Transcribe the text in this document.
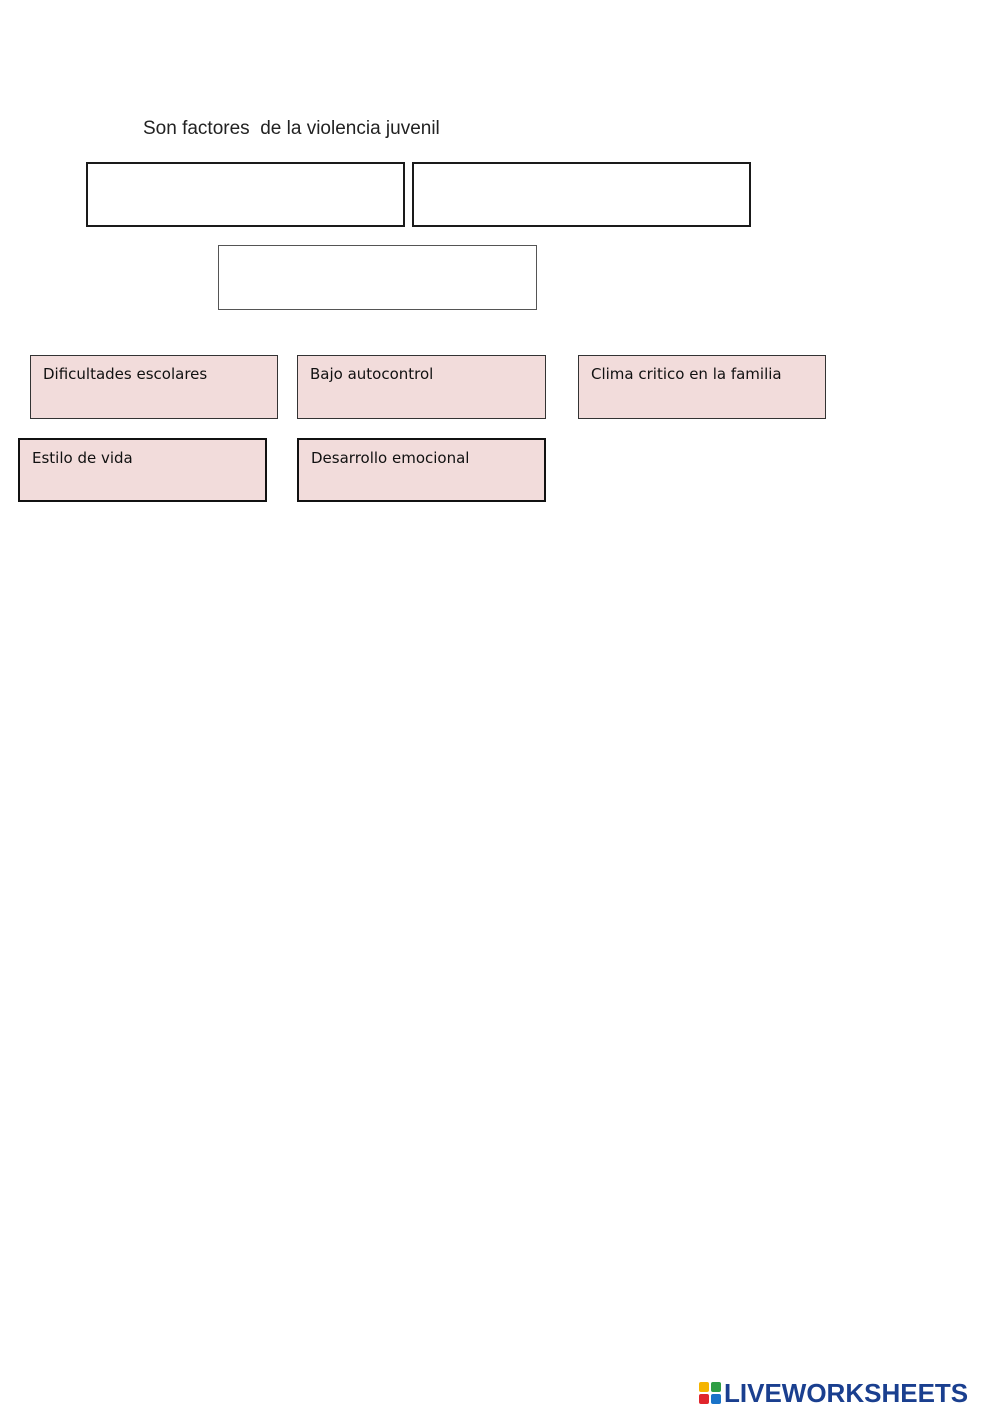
Son factores  de la violencia juvenil
Dificultades escolares	Bajo autocontrol	Clima critico en la familia
Estilo de vida	Desarrollo emocional
LIVEWORKSHEETS
